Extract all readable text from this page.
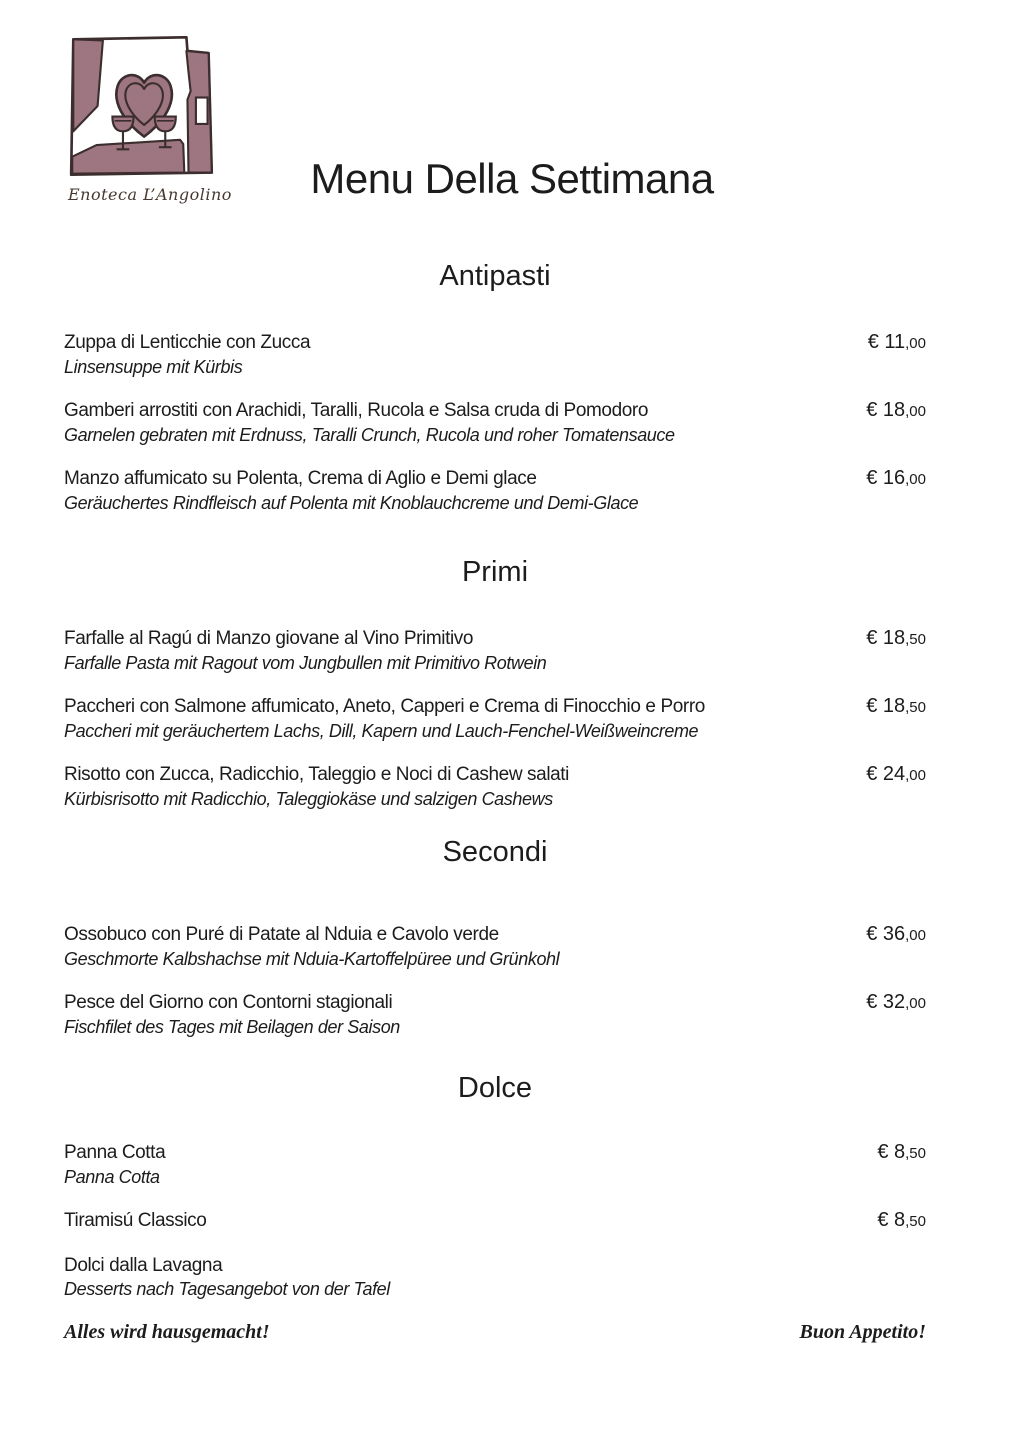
Enoteca L’Angolino	Menu Della Settimana
Antipasti
Zuppa di Lenticchie con Zucca	€ 11,00
Linsensuppe mit Kürbis
Gamberi arrostiti con Arachidi, Taralli, Rucola e Salsa cruda di Pomodoro	€ 18,00
Garnelen gebraten mit Erdnuss, Taralli Crunch, Rucola und roher Tomatensauce
Manzo affumicato su Polenta, Crema di Aglio e Demi glace	€ 16,00
Geräuchertes Rindfleisch auf Polenta mit Knoblauchcreme und Demi-Glace
Primi
Farfalle al Ragú di Manzo giovane al Vino Primitivo	€ 18,50
Farfalle Pasta mit Ragout vom Jungbullen mit Primitivo Rotwein
Paccheri con Salmone affumicato, Aneto, Capperi e Crema di Finocchio e Porro	€ 18,50
Paccheri mit geräuchertem Lachs, Dill, Kapern und Lauch-Fenchel-Weißweincreme
Risotto con Zucca, Radicchio, Taleggio e Noci di Cashew salati	€ 24,00
Kürbisrisotto mit Radicchio, Taleggiokäse und salzigen Cashews
Secondi
Ossobuco con Puré di Patate al Nduia e Cavolo verde	€ 36,00
Geschmorte Kalbshachse mit Nduia-Kartoffelpüree und Grünkohl
Pesce del Giorno con Contorni stagionali	€ 32,00
Fischfilet des Tages mit Beilagen der Saison
Dolce
Panna Cotta	€ 8,50
Panna Cotta
Tiramisú Classico	€ 8,50
Dolci dalla Lavagna
Desserts nach Tagesangebot von der Tafel
Alles wird hausgemacht!	Buon Appetito!
